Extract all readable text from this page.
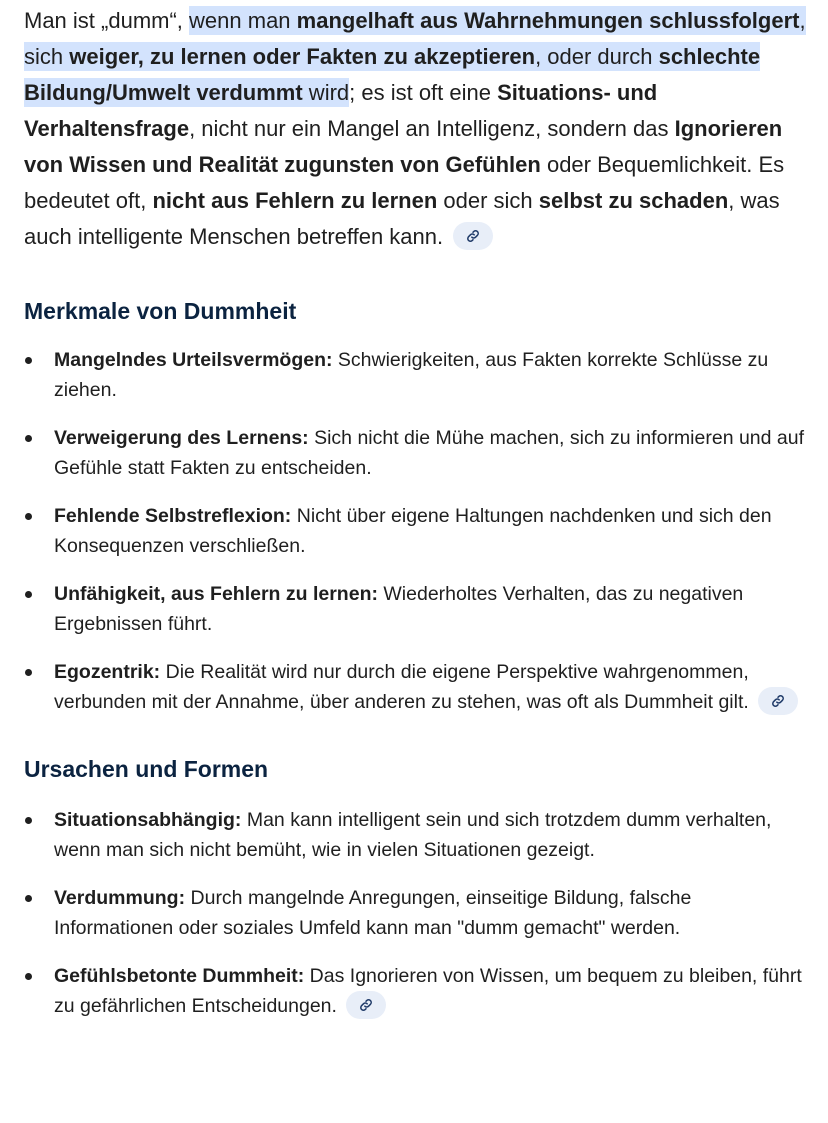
Man ist „dumm“, wenn man mangelhaft aus Wahrnehmungen schlussfolgert, sich weiger, zu lernen oder Fakten zu akzeptieren, oder durch schlechte Bildung/Umwelt verdummt wird; es ist oft eine Situations- und Verhaltensfrage, nicht nur ein Mangel an Intelligenz, sondern das Ignorieren von Wissen und Realität zugunsten von Gefühlen oder Bequemlichkeit. Es bedeutet oft, nicht aus Fehlern zu lernen oder sich selbst zu schaden, was auch intelligente Menschen betreffen kann.

Merkmale von Dummheit
Mangelndes Urteilsvermögen: Schwierigkeiten, aus Fakten korrekte Schlüsse zu ziehen.
Verweigerung des Lernens: Sich nicht die Mühe machen, sich zu informieren und auf Gefühle statt Fakten zu entscheiden.
Fehlende Selbstreflexion: Nicht über eigene Haltungen nachdenken und sich den Konsequenzen verschließen.
Unfähigkeit, aus Fehlern zu lernen: Wiederholtes Verhalten, das zu negativen Ergebnissen führt.
Egozentrik: Die Realität wird nur durch die eigene Perspektive wahrgenommen, verbunden mit der Annahme, über anderen zu stehen, was oft als Dummheit gilt.
Ursachen und Formen
Situationsabhängig: Man kann intelligent sein und sich trotzdem dumm verhalten, wenn man sich nicht bemüht, wie in vielen Situationen gezeigt.
Verdummung: Durch mangelnde Anregungen, einseitige Bildung, falsche Informationen oder soziales Umfeld kann man "dumm gemacht" werden.
Gefühlsbetonte Dummheit: Das Ignorieren von Wissen, um bequem zu bleiben, führt zu gefährlichen Entscheidungen.
